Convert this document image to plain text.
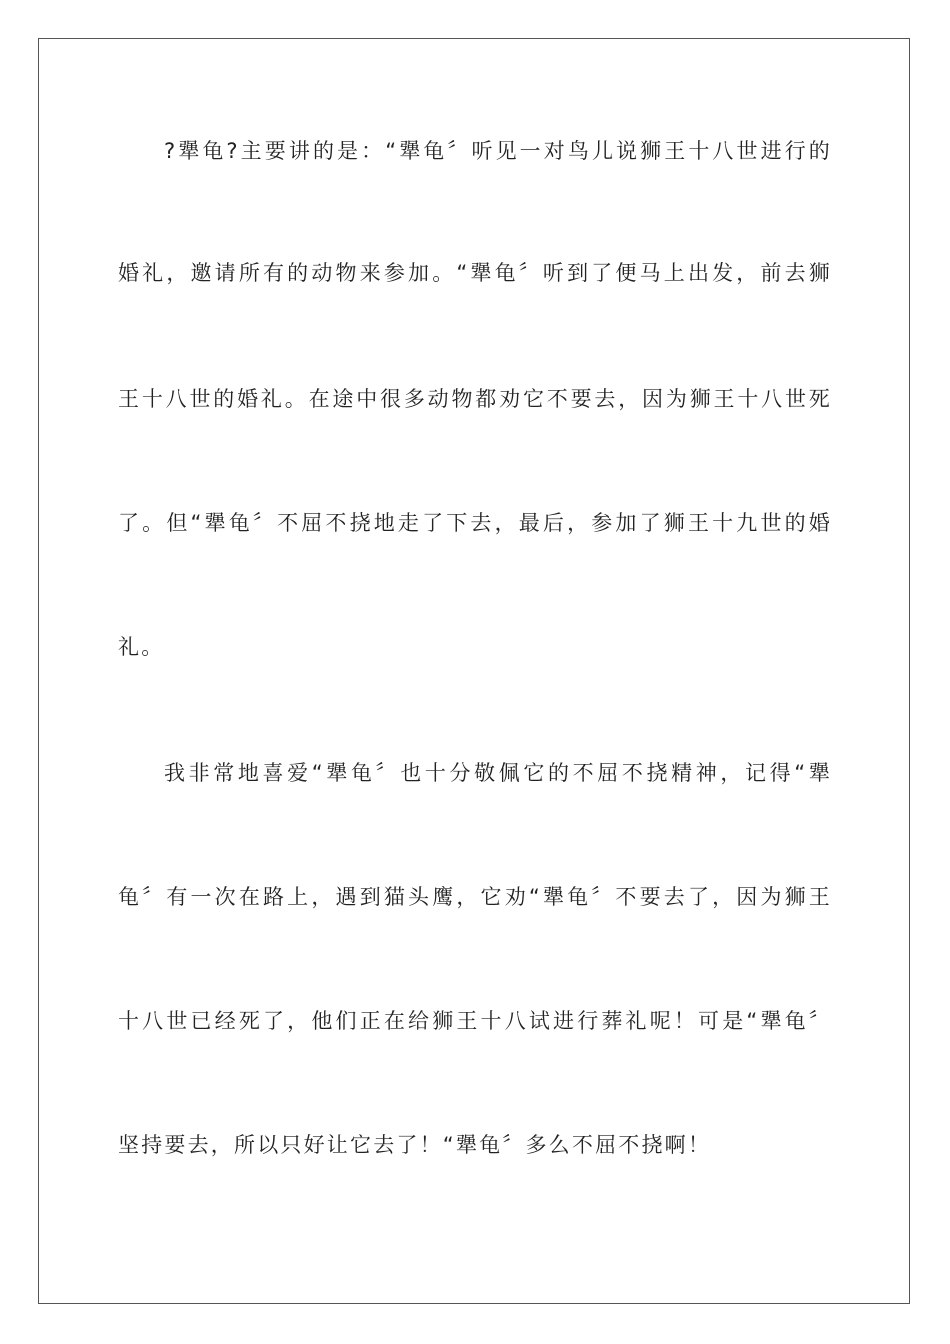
?犟龟?主要讲的是：“犟龟〞听见一对鸟儿说狮王十八世进行的
婚礼，邀请所有的动物来参加。“犟龟〞听到了便马上出发，前去狮
王十八世的婚礼。在途中很多动物都劝它不要去，因为狮王十八世死
了。但“犟龟〞不屈不挠地走了下去，最后，参加了狮王十九世的婚
礼。
我非常地喜爱“犟龟〞也十分敬佩它的不屈不挠精神，记得“犟
龟〞有一次在路上，遇到猫头鹰，它劝“犟龟〞不要去了，因为狮王
十八世已经死了，他们正在给狮王十八试进行葬礼呢！可是“犟龟〞
坚持要去，所以只好让它去了！“犟龟〞多么不屈不挠啊！
